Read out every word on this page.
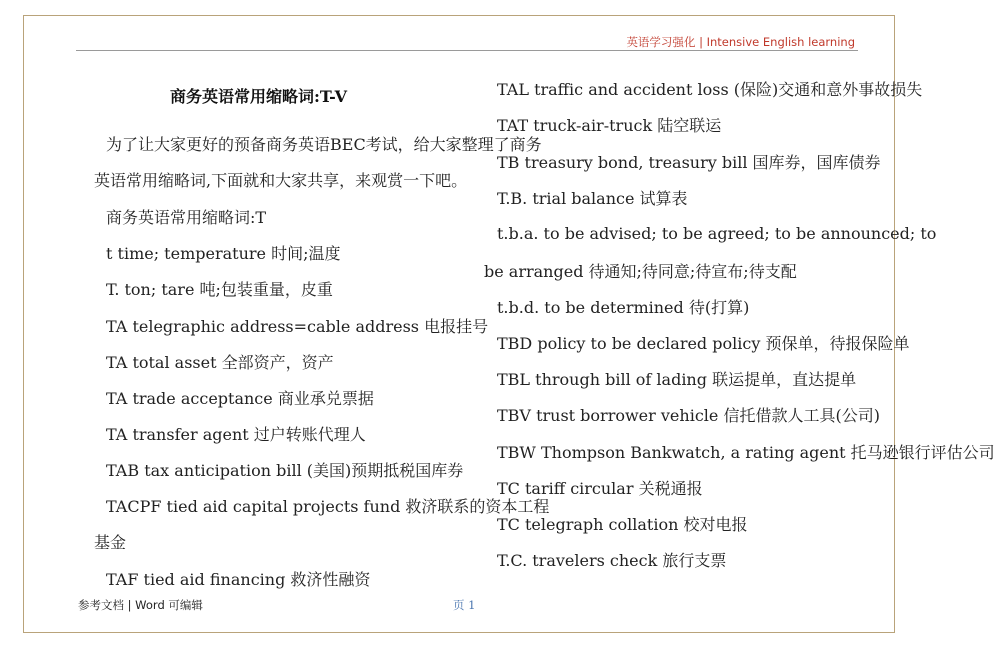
英语学习强化 | Intensive English learning
商务英语常用缩略词:T-V
为了让大家更好的预备商务英语BEC考试，给大家整理了商务
英语常用缩略词,下面就和大家共享，来观赏一下吧。
商务英语常用缩略词:T
t time; temperature 时间;温度
T. ton; tare 吨;包装重量，皮重
TA telegraphic address=cable address 电报挂号
TA total asset 全部资产，资产
TA trade acceptance 商业承兑票据
TA transfer agent 过户转账代理人
TAB tax anticipation bill (美国)预期抵税国库券
TACPF tied aid capital projects fund 救济联系的资本工程
基金
TAF tied aid financing 救济性融资
TAL traffic and accident loss (保险)交通和意外事故损失
TAT truck-air-truck 陆空联运
TB treasury bond, treasury bill 国库券，国库债券
T.B. trial balance 试算表
t.b.a. to be advised; to be agreed; to be announced; to
be arranged 待通知;待同意;待宣布;待支配
t.b.d. to be determined 待(打算)
TBD policy to be declared policy 预保单，待报保险单
TBL through bill of lading 联运提单，直达提单
TBV trust borrower vehicle 信托借款人工具(公司)
TBW Thompson Bankwatch, a rating agent 托马逊银行评估公司
TC tariff circular 关税通报
TC telegraph collation 校对电报
T.C. travelers check 旅行支票
参考文档 | Word 可编辑	页 1
